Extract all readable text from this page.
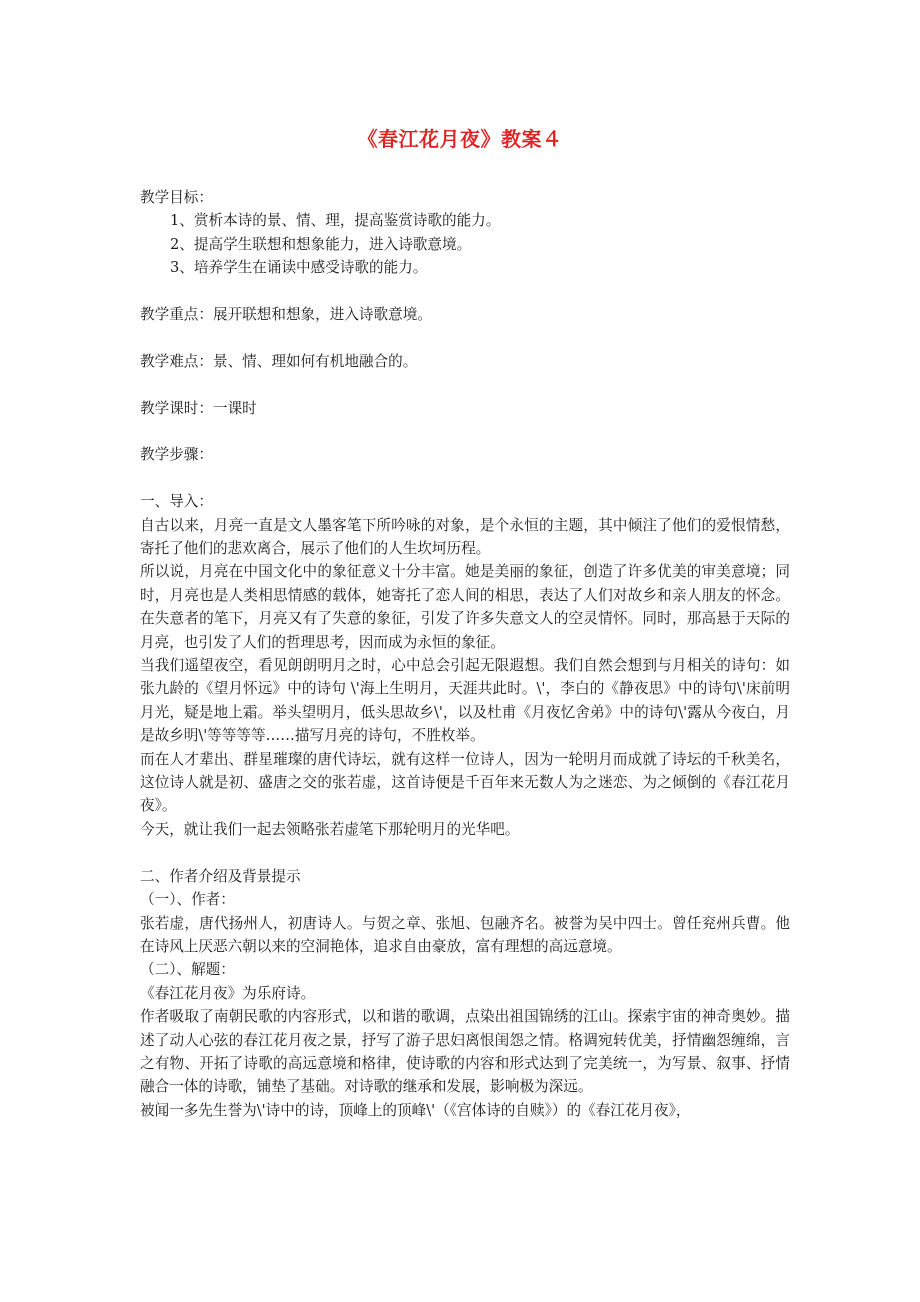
《春江花月夜》教案４

教学目标：

1、赏析本诗的景、情、理，提高鉴赏诗歌的能力。

2、提高学生联想和想象能力，进入诗歌意境。

3、培养学生在诵读中感受诗歌的能力。

教学重点：展开联想和想象，进入诗歌意境。

教学难点：景、情、理如何有机地融合的。

教学课时：一课时

教学步骤：

一、导入：

自古以来，月亮一直是文人墨客笔下所吟咏的对象，是个永恒的主题，其中倾注了他们的爱恨情愁，寄托了他们的悲欢离合，展示了他们的人生坎坷历程。

所以说，月亮在中国文化中的象征意义十分丰富。她是美丽的象征，创造了许多优美的审美意境；同时，月亮也是人类相思情感的载体，她寄托了恋人间的相思，表达了人们对故乡和亲人朋友的怀念。在失意者的笔下，月亮又有了失意的象征，引发了许多失意文人的空灵情怀。同时，那高悬于天际的月亮，也引发了人们的哲理思考，因而成为永恒的象征。

当我们遥望夜空，看见朗朗明月之时，心中总会引起无限遐想。我们自然会想到与月相关的诗句：如张九龄的《望月怀远》中的诗句 \'海上生明月，天涯共此时。\'，李白的《静夜思》中的诗句\'床前明月光，疑是地上霜。举头望明月，低头思故乡\'，以及杜甫《月夜忆舍弟》中的诗句\'露从今夜白，月是故乡明\'等等等等……描写月亮的诗句，不胜枚举。

而在人才辈出、群星璀璨的唐代诗坛，就有这样一位诗人，因为一轮明月而成就了诗坛的千秋美名，这位诗人就是初、盛唐之交的张若虚，这首诗便是千百年来无数人为之迷恋、为之倾倒的《春江花月夜》。

今天，就让我们一起去领略张若虚笔下那轮明月的光华吧。

二、作者介绍及背景提示

（一）、作者：

张若虚，唐代扬州人，初唐诗人。与贺之章、张旭、包融齐名。被誉为吴中四士。曾任兖州兵曹。他在诗风上厌恶六朝以来的空洞艳体，追求自由豪放，富有理想的高远意境。

（二）、解题：

《春江花月夜》为乐府诗。

作者吸取了南朝民歌的内容形式，以和谐的歌调，点染出祖国锦绣的江山。探索宇宙的神奇奥妙。描述了动人心弦的春江花月夜之景，抒写了游子思妇离恨闺怨之情。格调宛转优美，抒情幽怨缠绵，言之有物、开拓了诗歌的高远意境和格律，使诗歌的内容和形式达到了完美统一，为写景、叙事、抒情融合一体的诗歌，铺垫了基础。对诗歌的继承和发展，影响极为深远。

被闻一多先生誉为\'诗中的诗，顶峰上的顶峰\'（《宫体诗的自赎》）的《春江花月夜》，
